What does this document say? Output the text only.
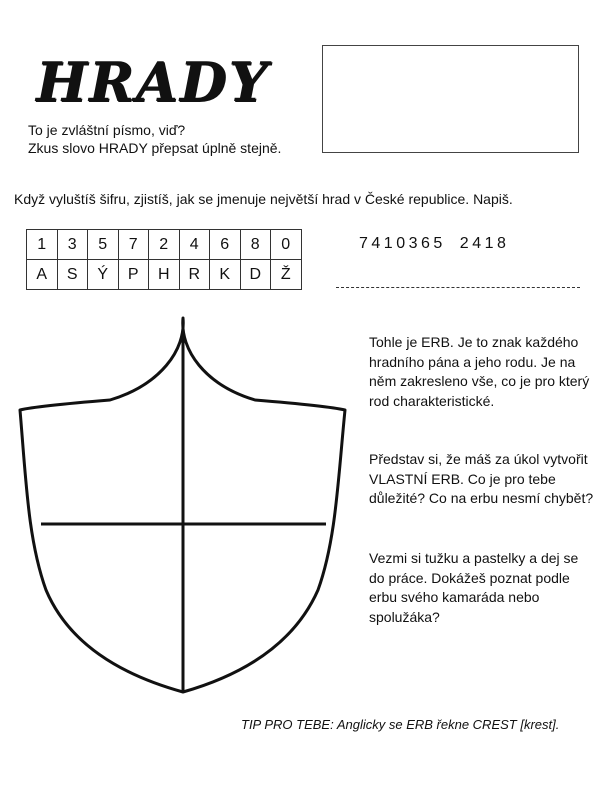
HRADY
To je zvláštní písmo, viď?
Zkus slovo HRADY přepsat úplně stejně.
Když vyluštíš šifru, zjistíš, jak se jmenuje největší hrad v České republice. Napiš.
1	3	5	7	2	4	6	8	0
A	S	Ý	P	H	R	K	D	Ž
7410365 2418
Tohle je ERB. Je to znak každého hradního pána a jeho rodu. Je na něm zakresleno vše, co je pro který rod charakteristické.
Představ si, že máš za úkol vytvořit VLASTNÍ ERB. Co je pro tebe důležité? Co na erbu nesmí chybět?
Vezmi si tužku a pastelky a dej se do práce. Dokážeš poznat podle erbu svého kamaráda nebo spolužáka?
TIP PRO TEBE: Anglicky se ERB řekne CREST [krest].
